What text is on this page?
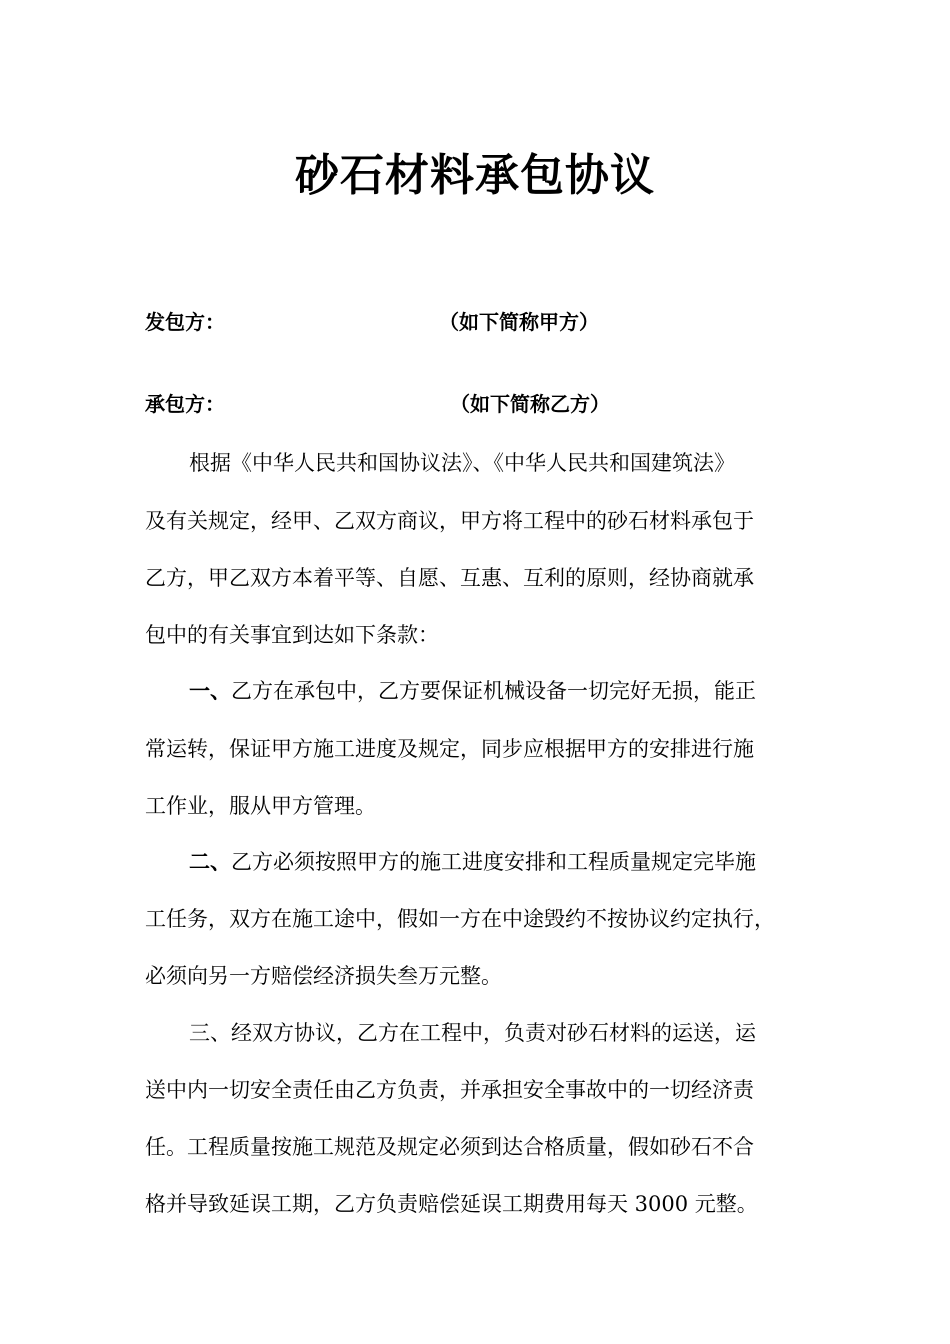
砂石材料承包协议
发包方：	（如下简称甲方）
承包方：	（如下简称乙方）
根据《中华人民共和国协议法》、《中华人民共和国建筑法》
及有关规定，经甲、乙双方商议，甲方将工程中的砂石材料承包于
乙方，甲乙双方本着平等、自愿、互惠、互利的原则，经协商就承
包中的有关事宜到达如下条款：
一、乙方在承包中，乙方要保证机械设备一切完好无损，能正
常运转，保证甲方施工进度及规定，同步应根据甲方的安排进行施
工作业，服从甲方管理。
二、乙方必须按照甲方的施工进度安排和工程质量规定完毕施
工任务，双方在施工途中，假如一方在中途毁约不按协议约定执行，
必须向另一方赔偿经济损失叁万元整。
三、经双方协议，乙方在工程中，负责对砂石材料的运送，运
送中内一切安全责任由乙方负责，并承担安全事故中的一切经济责
任。工程质量按施工规范及规定必须到达合格质量，假如砂石不合
格并导致延误工期，乙方负责赔偿延误工期费用每天 3000 元整。
